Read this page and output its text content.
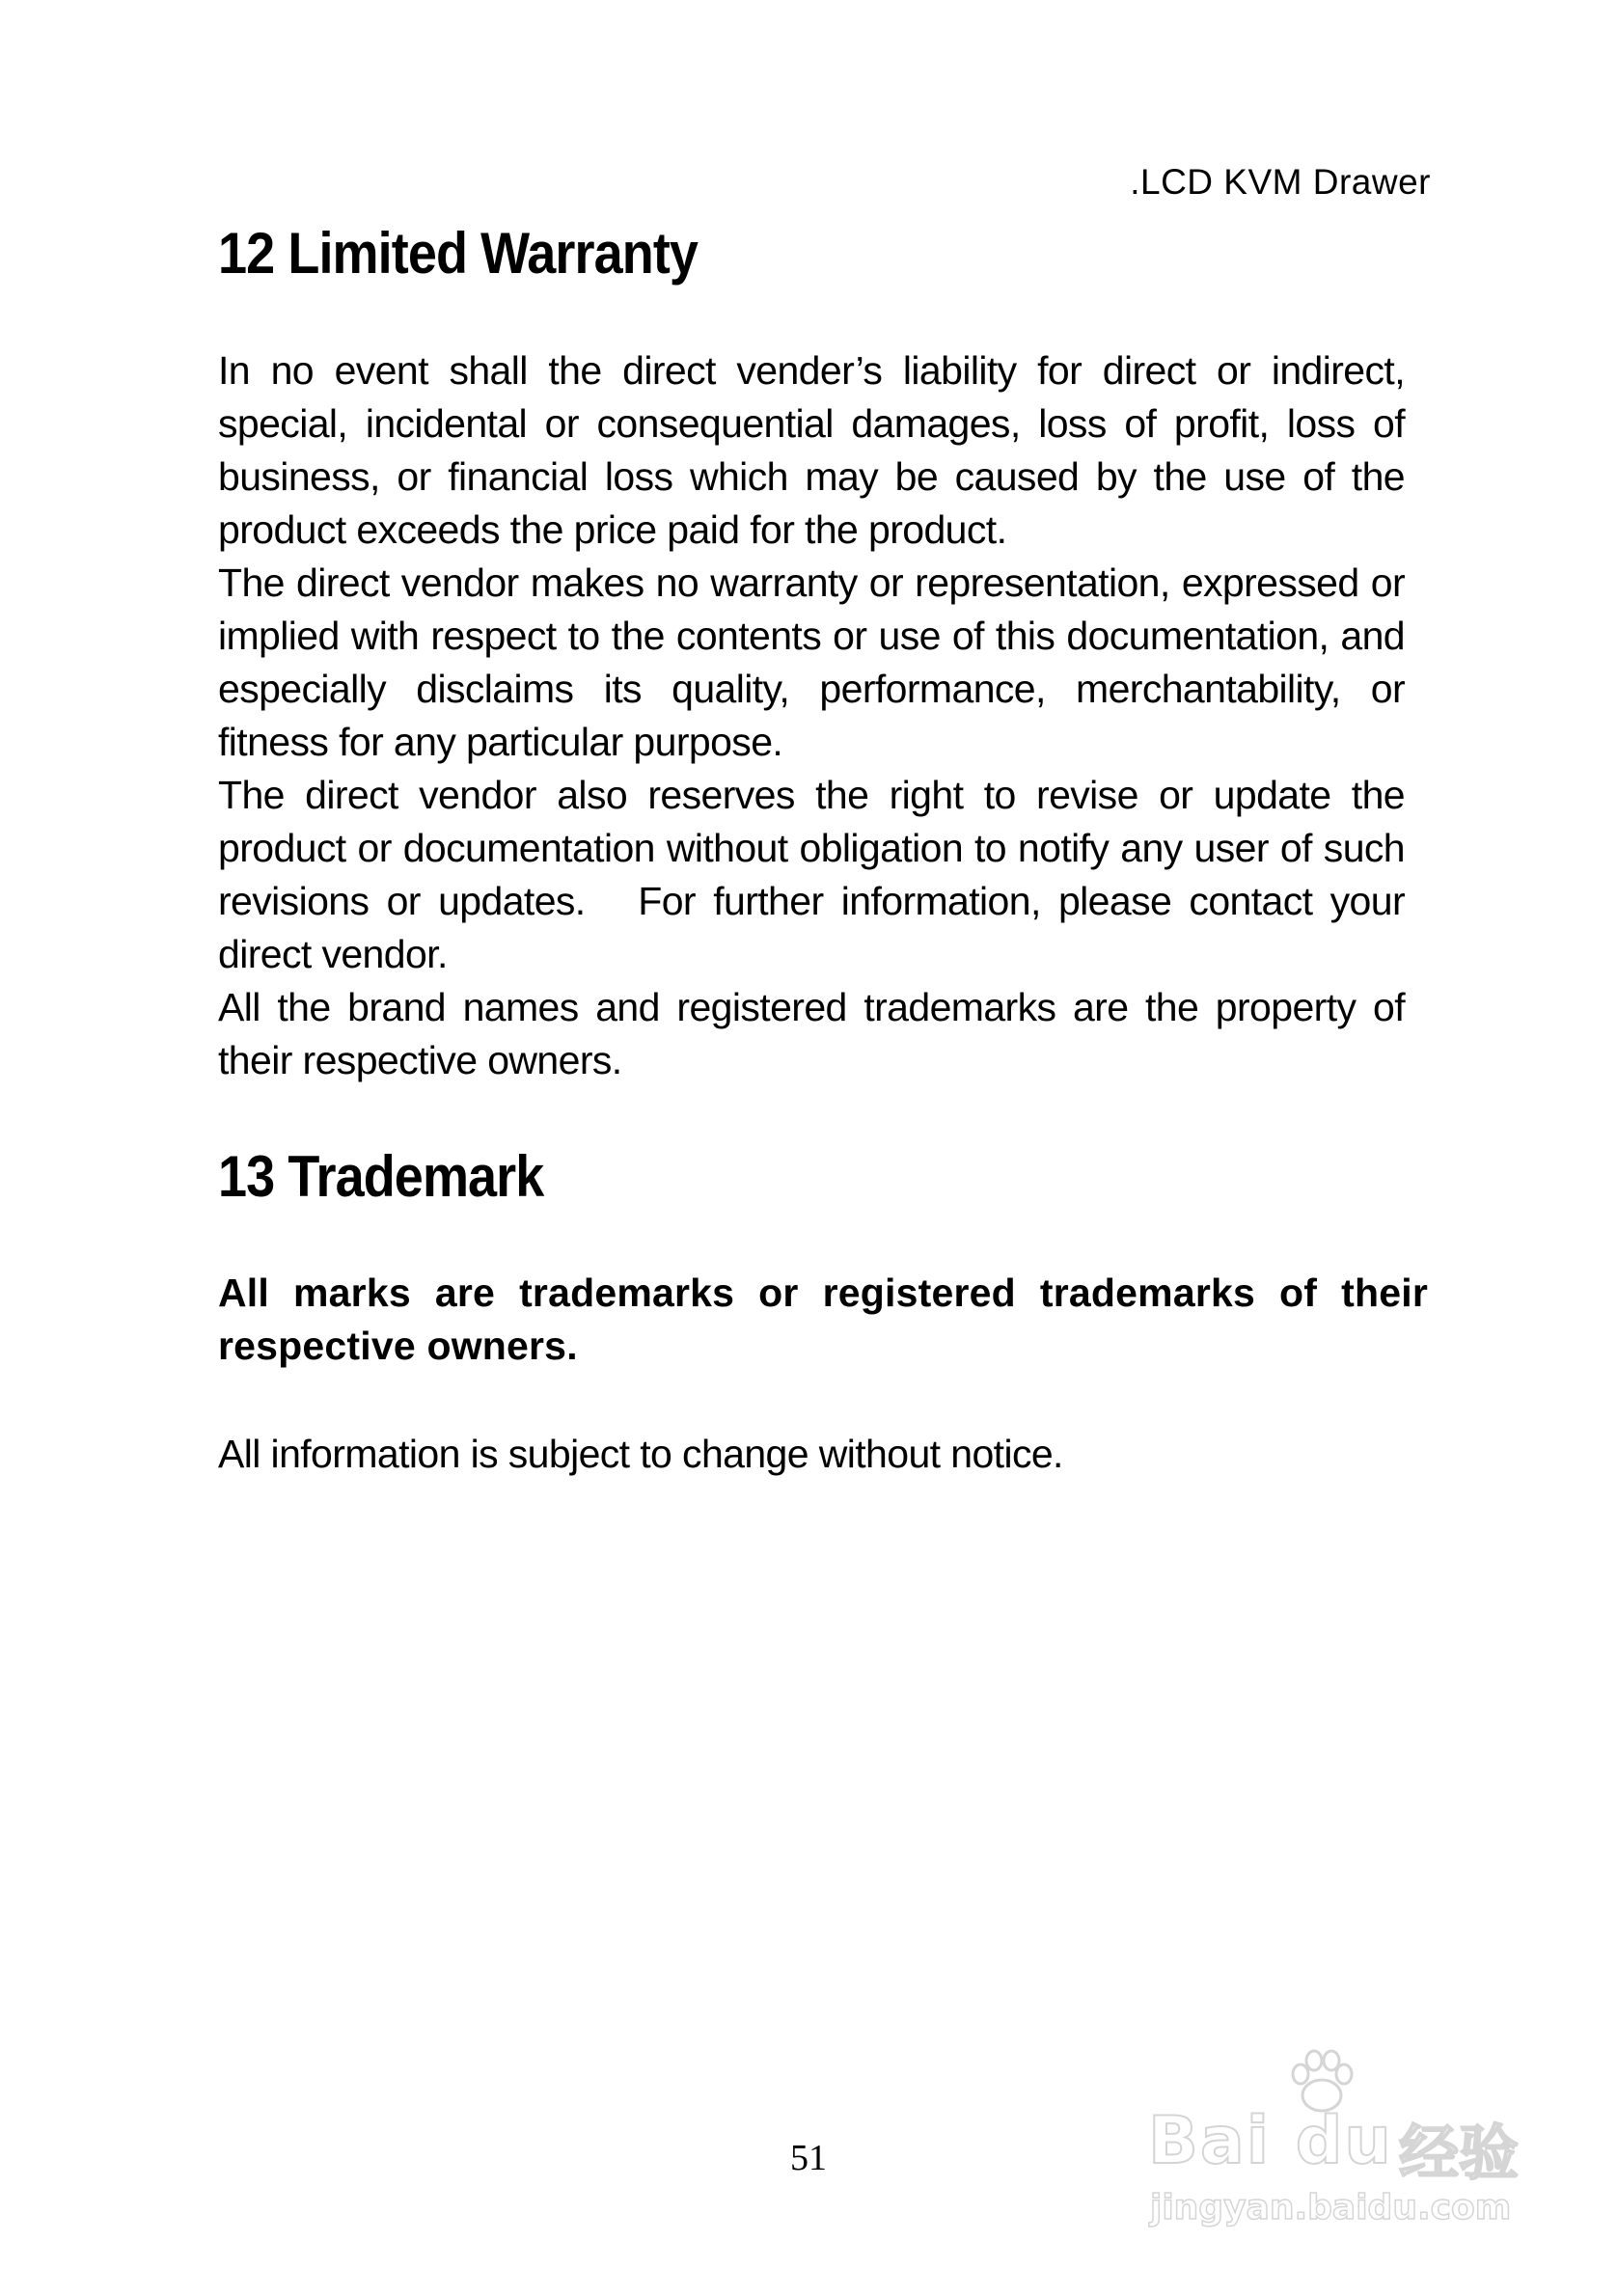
.LCD KVM Drawer
12 Limited Warranty

In no event shall the direct vender’s liability for direct or indirect, special, incidental or consequential damages, loss of profit, loss of business, or financial loss which may be caused by the use of the product exceeds the price paid for the product.

The direct vendor makes no warranty or representation, expressed or implied with respect to the contents or use of this documentation, and especially disclaims its quality, performance, merchantability, or fitness for any particular purpose.

The direct vendor also reserves the right to revise or update the product or documentation without obligation to notify any user of such revisions or updates.   For further information, please contact your direct vendor.

All the brand names and registered trademarks are the property of their respective owners.

13 Trademark

All marks are trademarks or registered trademarks of their respective owners.

All information is subject to change without notice.

51	Bai du 经验
jingyan.baidu.com
